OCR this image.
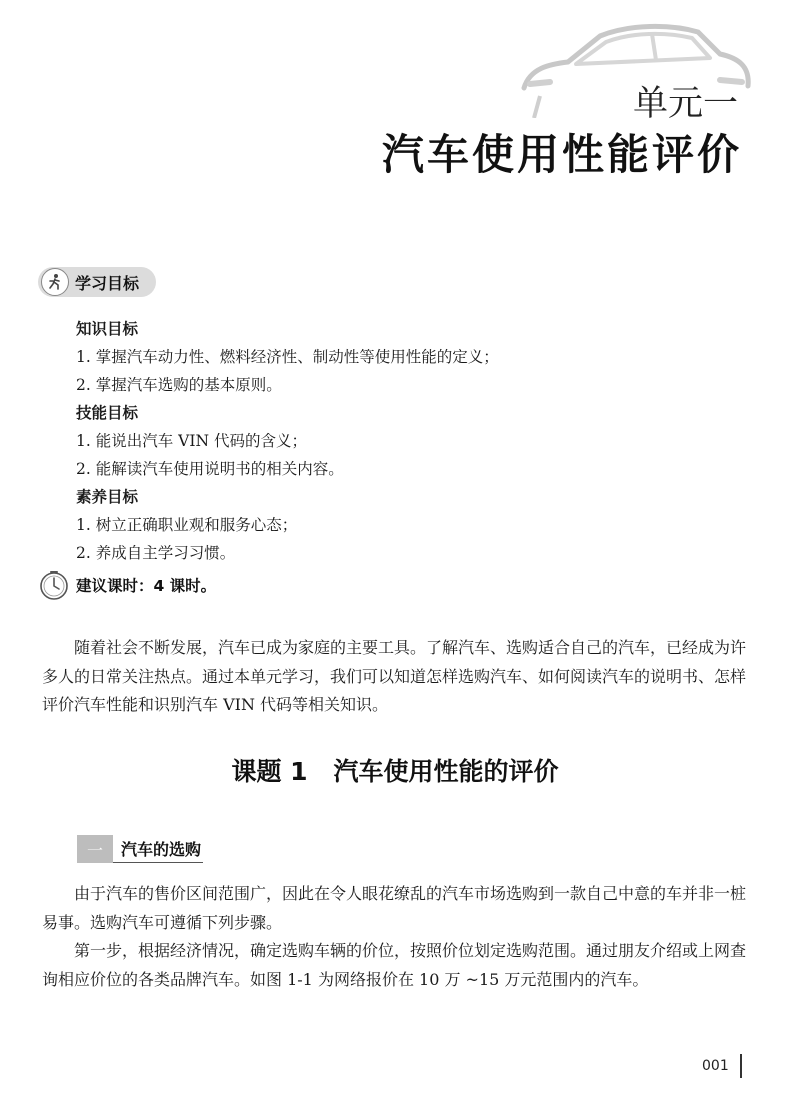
单元一
汽车使用性能评价
学习目标
知识目标
1. 掌握汽车动力性、燃料经济性、制动性等使用性能的定义；
2. 掌握汽车选购的基本原则。
技能目标
1. 能说出汽车 VIN 代码的含义；
2. 能解读汽车使用说明书的相关内容。
素养目标
1. 树立正确职业观和服务心态；
2. 养成自主学习习惯。
建议课时：4 课时。
随着社会不断发展，汽车已成为家庭的主要工具。了解汽车、选购适合自己的汽车，已经成为许多人的日常关注热点。通过本单元学习，我们可以知道怎样选购汽车、如何阅读汽车的说明书、怎样评价汽车性能和识别汽车 VIN 代码等相关知识。
课题 1 汽车使用性能的评价
一	汽车的选购
由于汽车的售价区间范围广，因此在令人眼花缭乱的汽车市场选购到一款自己中意的车并非一桩易事。选购汽车可遵循下列步骤。
第一步，根据经济情况，确定选购车辆的价位，按照价位划定选购范围。通过朋友介绍或上网查询相应价位的各类品牌汽车。如图 1-1 为网络报价在 10 万 ~15 万元范围内的汽车。
001
